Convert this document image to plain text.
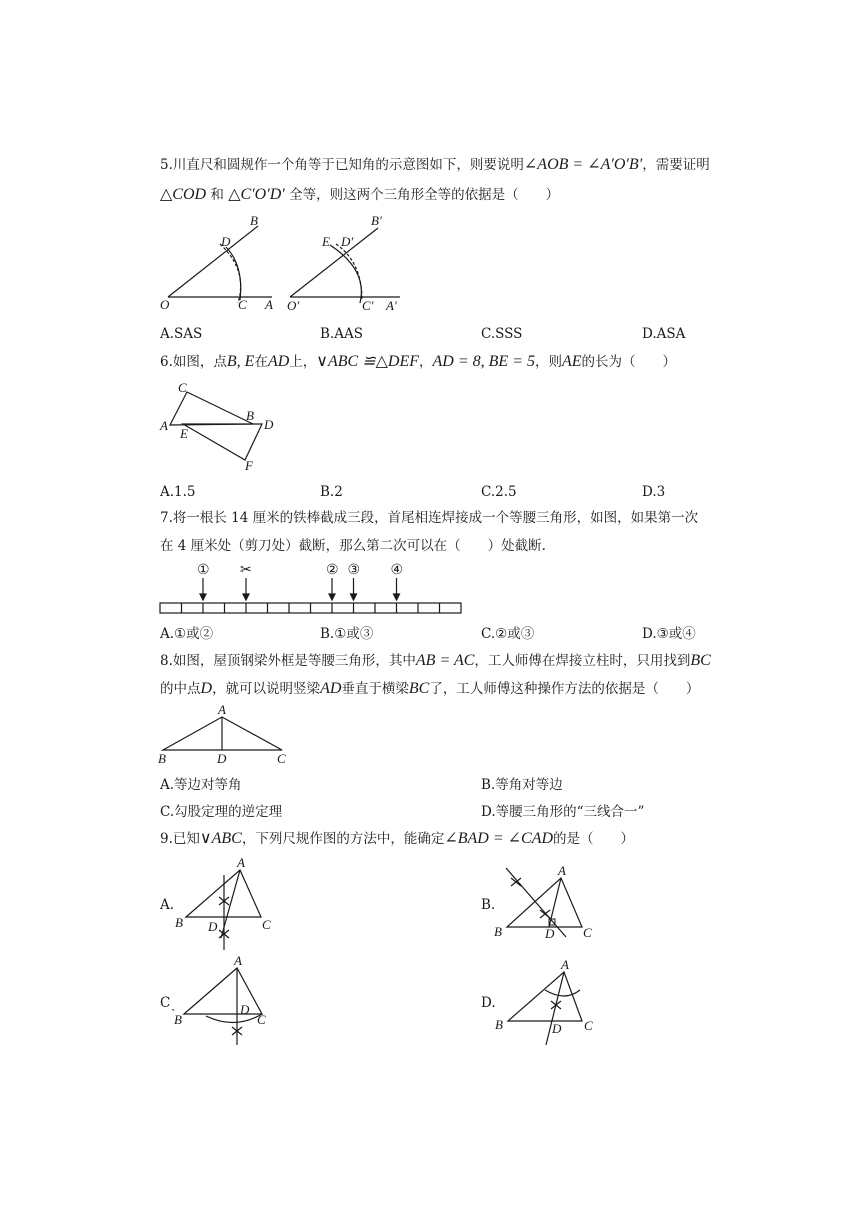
5.川直尺和圆规作一个角等于已知角的示意图如下，则要说明∠AOB = ∠A′O′B′，需要证明
△COD 和 △C′O′D′ 全等，则这两个三角形全等的依据是（　　）
B
D
O	C A
B′
E D′
O′	C′ A′
A.SAS	B.AAS	C.SSS	D.ASA
6.如图，点B, E在AD上，∨ABC ≌△DEF，AD = 8, BE = 5，则AE的长为（　　）
C
B
A
E
D
F
A.1.5	B.2	C.2.5	D.3
7.将一根长 14 厘米的铁棒截成三段，首尾相连焊接成一个等腰三角形，如图，如果第一次
在 4 厘米处（剪刀处）截断，那么第二次可以在（　　）处截断.
① ✂	② ③ ④
A.①或②	B.①或③	C.②或③	D.③或④
8.如图，屋顶钢梁外框是等腰三角形，其中AB = AC，工人师傅在焊接立柱时，只用找到BC
的中点D，就可以说明竖梁AD垂直于横梁BC了，工人师傅这种操作方法的依据是（　　）
A
B	D	C
A.等边对等角	B.等角对等边
C.勾股定理的逆定理	D.等腰三角形的“三线合一”
9.已知∨ABC，下列尺规作图的方法中，能确定∠BAD = ∠CAD的是（　　）
A.	B.
C	D.
A
B D	C
A
B	D C
`
A
B
D
C
A
B	D C
